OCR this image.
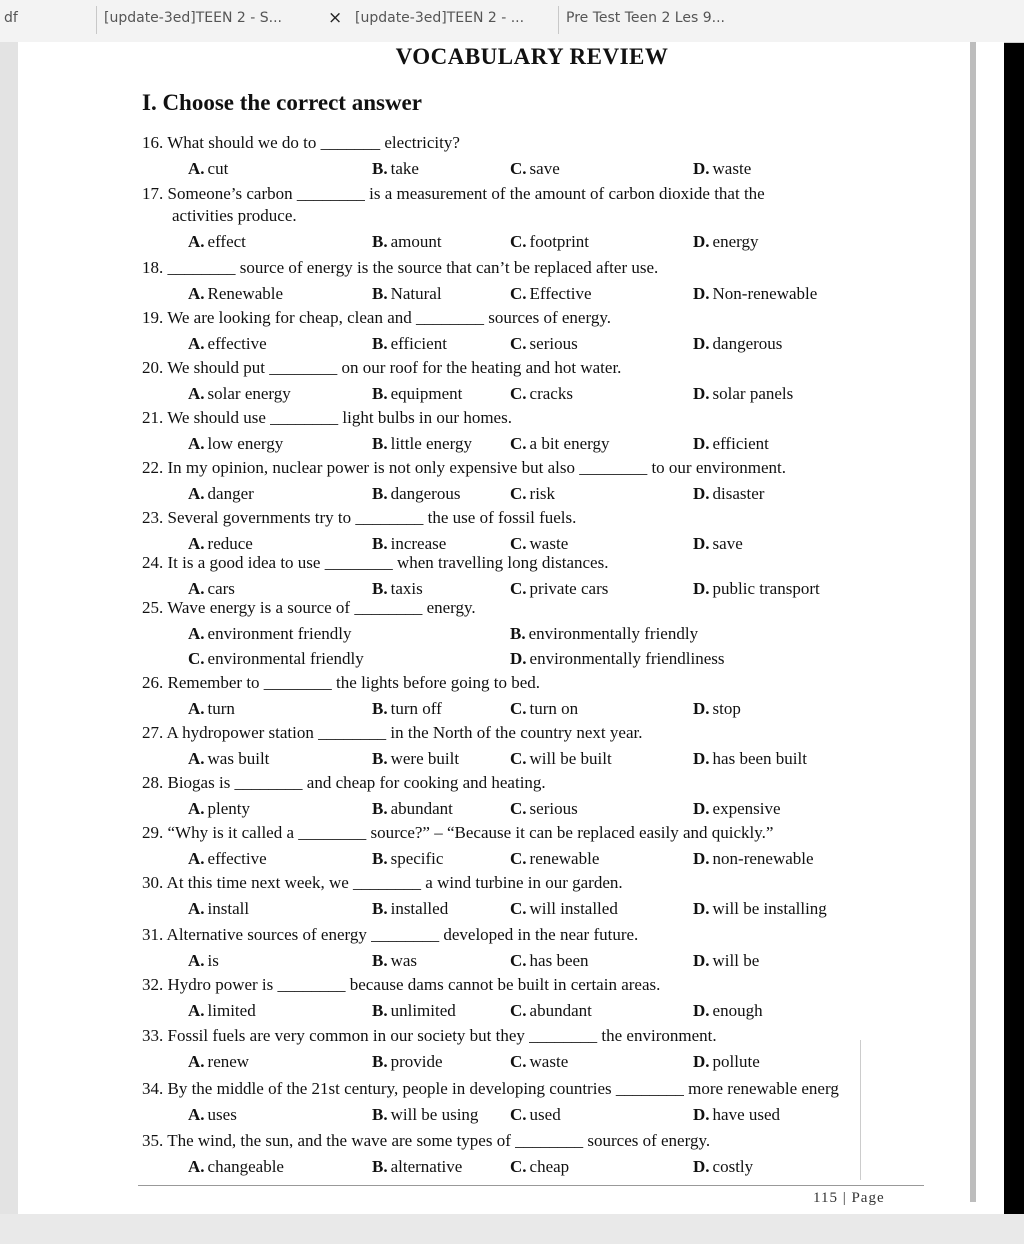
df	[update-3ed]TEEN 2 - S...	× [update-3ed]TEEN 2 - ...	Pre Test Teen 2 Les 9...
VOCABULARY REVIEW
I. Choose the correct answer
16. What should we do to _______ electricity?
A. cut	B. take	C. save	D. waste
17. Someone’s carbon ________ is a measurement of the amount of carbon dioxide that the
activities produce.
A. effect	B. amount	C. footprint	D. energy
18. ________ source of energy is the source that can’t be replaced after use.
A. Renewable	B. Natural	C. Effective	D. Non-renewable
19. We are looking for cheap, clean and ________ sources of energy.
A. effective	B. efficient	C. serious	D. dangerous
20. We should put ________ on our roof for the heating and hot water.
A. solar energy	B. equipment	C. cracks	D. solar panels
21. We should use ________ light bulbs in our homes.
A. low energy	B. little energy C. a bit energy	D. efficient
22. In my opinion, nuclear power is not only expensive but also ________ to our environment.
A. danger	B. dangerous	C. risk	D. disaster
23. Several governments try to ________ the use of fossil fuels.
A. reduce	B. increase	C. waste	D. save
24. It is a good idea to use ________ when travelling long distances.
A. cars	B. taxis	C. private cars	D. public transport
25. Wave energy is a source of ________ energy.
A. environment friendly	B. environmentally friendly
C. environmental friendly	D. environmentally friendliness
26. Remember to ________ the lights before going to bed.
A. turn	B. turn off	C. turn on	D. stop
27. A hydropower station ________ in the North of the country next year.
A. was built	B. were built	C. will be built	D. has been built
28. Biogas is ________ and cheap for cooking and heating.
A. plenty	B. abundant	C. serious	D. expensive
29. “Why is it called a ________ source?” – “Because it can be replaced easily and quickly.”
A. effective	B. specific	C. renewable	D. non-renewable
30. At this time next week, we ________ a wind turbine in our garden.
A. install	B. installed	C. will installed	D. will be installing
31. Alternative sources of energy ________ developed in the near future.
A. is	B. was	C. has been	D. will be
32. Hydro power is ________ because dams cannot be built in certain areas.
A. limited	B. unlimited	C. abundant	D. enough
33. Fossil fuels are very common in our society but they ________ the environment.
A. renew	B. provide	C. waste	D. pollute
34. By the middle of the 21st century, people in developing countries ________ more renewable energ
A. uses	B. will be using C. used	D. have used
35. The wind, the sun, and the wave are some types of ________ sources of energy.
A. changeable	B. alternative	C. cheap	D. costly
115 | Page
